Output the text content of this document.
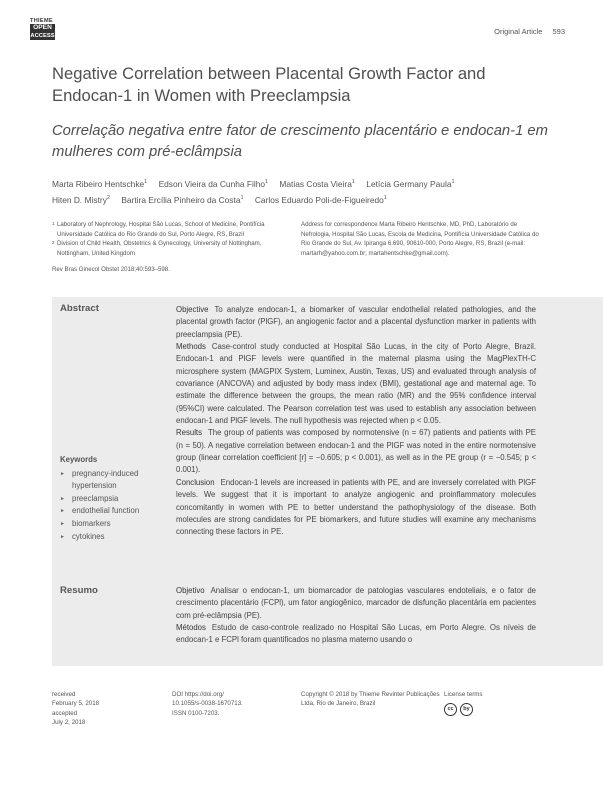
THIEME
OPEN
ACCESS	Original Article 593
Negative Correlation between Placental Growth Factor and Endocan-1 in Women with Preeclampsia
Correlação negativa entre fator de crescimento placentário e endocan-1 em mulheres com pré-eclâmpsia
Marta Ribeiro Hentschke$^1$ Edson Vieira da Cunha Filho$^1$ Matias Costa Vieira$^1$ Letícia Germany Paula$^1$
Hiten D. Mistry$^2$ Bartira Ercília Pinheiro da Costa$^1$ Carlos Eduardo Poli-de-Figueiredo$^1$
1 Laboratory of Nephrology, Hospital São Lucas, School of Medicine, Pontifícia Universidade Católica do Rio Grande do Sul, Porto Alegre, RS, Brazil
2 Division of Child Health, Obstetrics & Gynecology, University of Nottingham, Nottingham, United Kingdom
Rev Bras Ginecol Obstet 2018;40:593–598.
Address for correspondence Marta Ribeiro Hentschke, MD, PhD, Laboratório de Nefrologia, Hospital São Lucas, Escola de Medicina, Pontifícia Universidade Católica do Rio Grande do Sul, Av. Ipiranga 6.690, 90610-000, Porto Alegre, RS, Brazil (e-mail: martarh@yahoo.com.br; martahentschke@gmail.com).
Abstract	Objective To analyze endocan-1, a biomarker of vascular endothelial related pathologies, and the placental growth factor (PlGF), an angiogenic factor and a placental dysfunction marker in patients with preeclampsia (PE).
Methods Case-control study conducted at Hospital São Lucas, in the city of Porto Alegre, Brazil. Endocan-1 and PlGF levels were quantified in the maternal plasma using the MagPlexTH-C microsphere system (MAGPIX System, Luminex, Austin, Texas, US) and evaluated through analysis of covariance (ANCOVA) and adjusted by body mass index (BMI), gestational age and maternal age. To estimate the difference between the groups, the mean ratio (MR) and the 95% confidence interval (95%CI) were calculated. The Pearson correlation test was used to establish any association between endocan-1 and PlGF levels. The null hypothesis was rejected when p < 0.05.
Results The group of patients was composed by normotensive (n = 67) patients and patients with PE (n = 50). A negative correlation between endocan-1 and the PlGF was noted in the entire normotensive group (linear correlation coefficient [r] = −0.605; p < 0.001), as well as in the PE group (r = −0.545; p < 0.001).
Conclusion Endocan-1 levels are increased in patients with PE, and are inversely correlated with PlGF levels. We suggest that it is important to analyze angiogenic and proinflammatory molecules concomitantly in women with PE to better understand the pathophysiology of the disease. Both molecules are strong candidates for PE biomarkers, and future studies will examine any mechanisms connecting these factors in PE.
Keywords
► pregnancy-induced hypertension
► preeclampsia
► endothelial function
► biomarkers
► cytokines
Resumo	Objetivo Analisar o endocan-1, um biomarcador de patologias vasculares endoteliais, e o fator de crescimento placentário (FCPl), um fator angiogênico, marcador de disfunção placentária em pacientes com pré-eclâmpsia (PE).
Métodos Estudo de caso-controle realizado no Hospital São Lucas, em Porto Alegre. Os níveis de endocan-1 e FCPl foram quantificados no plasma materno usando o
received
February 5, 2018
accepted
July 2, 2018
DOI https://doi.org/
10.1055/s-0038-1670713.
ISSN 0100-7203.
Copyright © 2018 by Thieme Revinter Publicações Ltda, Rio de Janeiro, Brazil
License terms
cc	by
